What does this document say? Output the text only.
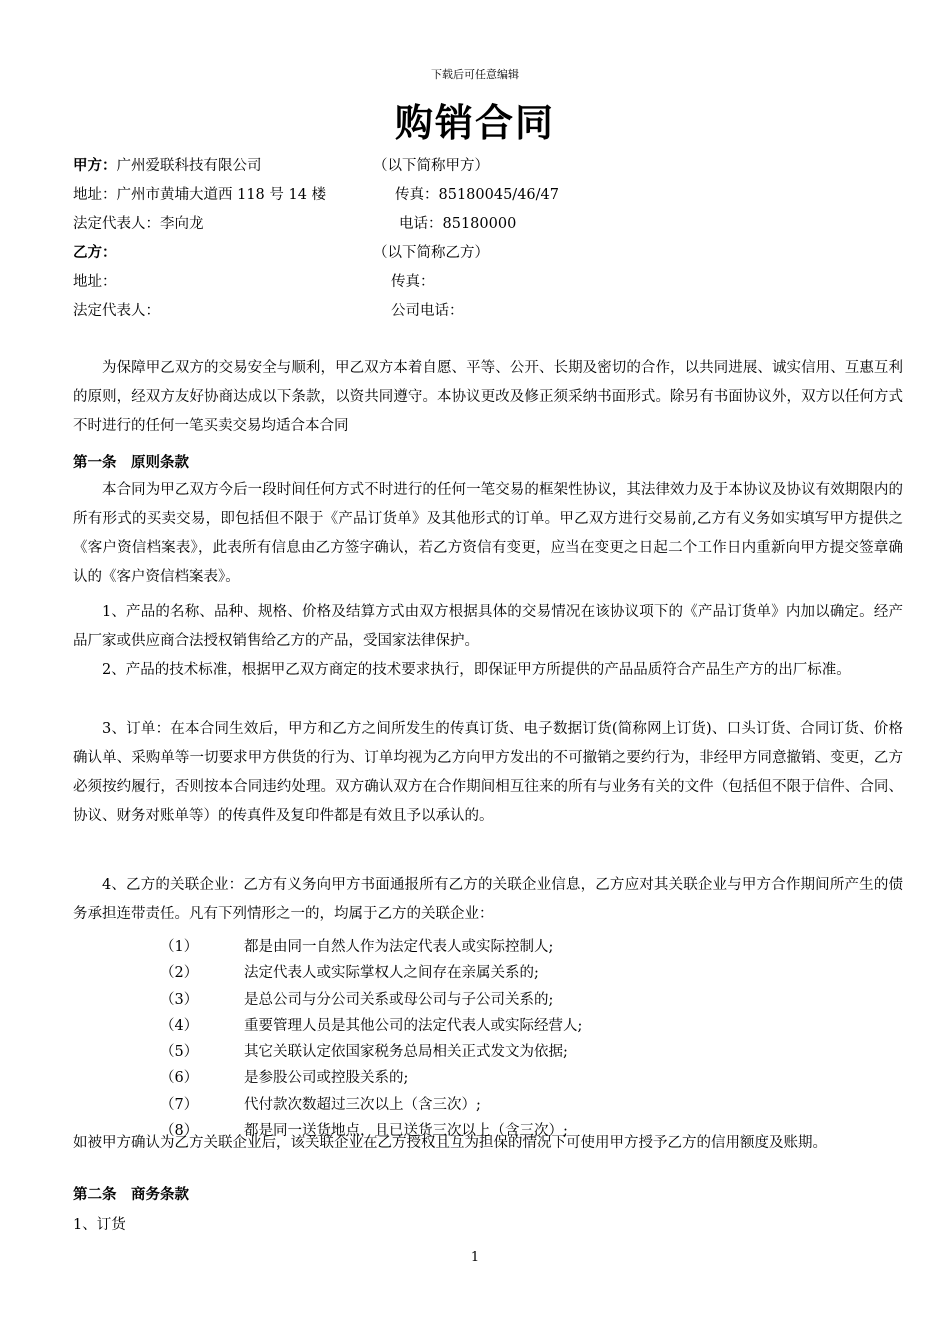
下载后可任意编辑
购销合同
甲方：广州爱联科技有限公司	（以下简称甲方）
地址：广州市黄埔大道西 118 号 14 楼	传真：85180045/46/47
法定代表人：李向龙	电话：85180000
乙方：	（以下简称乙方）
地址：	传真：
法定代表人：	公司电话：

为保障甲乙双方的交易安全与顺利，甲乙双方本着自愿、平等、公开、长期及密切的合作，以共同进展、诚实信用、互惠互利的原则，经双方友好协商达成以下条款，以资共同遵守。本协议更改及修正须采纳书面形式。除另有书面协议外，双方以任何方式不时进行的任何一笔买卖交易均适合本合同

第一条　原则条款

本合同为甲乙双方今后一段时间任何方式不时进行的任何一笔交易的框架性协议，其法律效力及于本协议及协议有效期限内的所有形式的买卖交易，即包括但不限于《产品订货单》及其他形式的订单。甲乙双方进行交易前,乙方有义务如实填写甲方提供之《客户资信档案表》，此表所有信息由乙方签字确认，若乙方资信有变更，应当在变更之日起二个工作日内重新向甲方提交签章确认的《客户资信档案表》。

1、产品的名称、品种、规格、价格及结算方式由双方根据具体的交易情况在该协议项下的《产品订货单》内加以确定。经产品厂家或供应商合法授权销售给乙方的产品，受国家法律保护。

2、产品的技术标准，根据甲乙双方商定的技术要求执行，即保证甲方所提供的产品品质符合产品生产方的出厂标准。

3、订单：在本合同生效后，甲方和乙方之间所发生的传真订货、电子数据订货(简称网上订货)、口头订货、合同订货、价格确认单、采购单等一切要求甲方供货的行为、订单均视为乙方向甲方发出的不可撤销之要约行为，非经甲方同意撤销、变更，乙方必须按约履行，否则按本合同违约处理。双方确认双方在合作期间相互往来的所有与业务有关的文件（包括但不限于信件、合同、协议、财务对账单等）的传真件及复印件都是有效且予以承认的。

4、乙方的关联企业：乙方有义务向甲方书面通报所有乙方的关联企业信息，乙方应对其关联企业与甲方合作期间所产生的债务承担连带责任。凡有下列情形之一的，均属于乙方的关联企业：

（1）	都是由同一自然人作为法定代表人或实际控制人;
（2）	法定代表人或实际掌权人之间存在亲属关系的;
（3）	是总公司与分公司关系或母公司与子公司关系的;
（4）	重要管理人员是其他公司的法定代表人或实际经营人;
（5）	其它关联认定依国家税务总局相关正式发文为依据;
（6）	是参股公司或控股关系的;
（7）	代付款次数超过三次以上（含三次）;
（8）	都是同一送货地点，且已送货三次以上（含三次）;

如被甲方确认为乙方关联企业后，该关联企业在乙方授权且互为担保的情况下可使用甲方授予乙方的信用额度及账期。

第二条　商务条款
1、订货
1
